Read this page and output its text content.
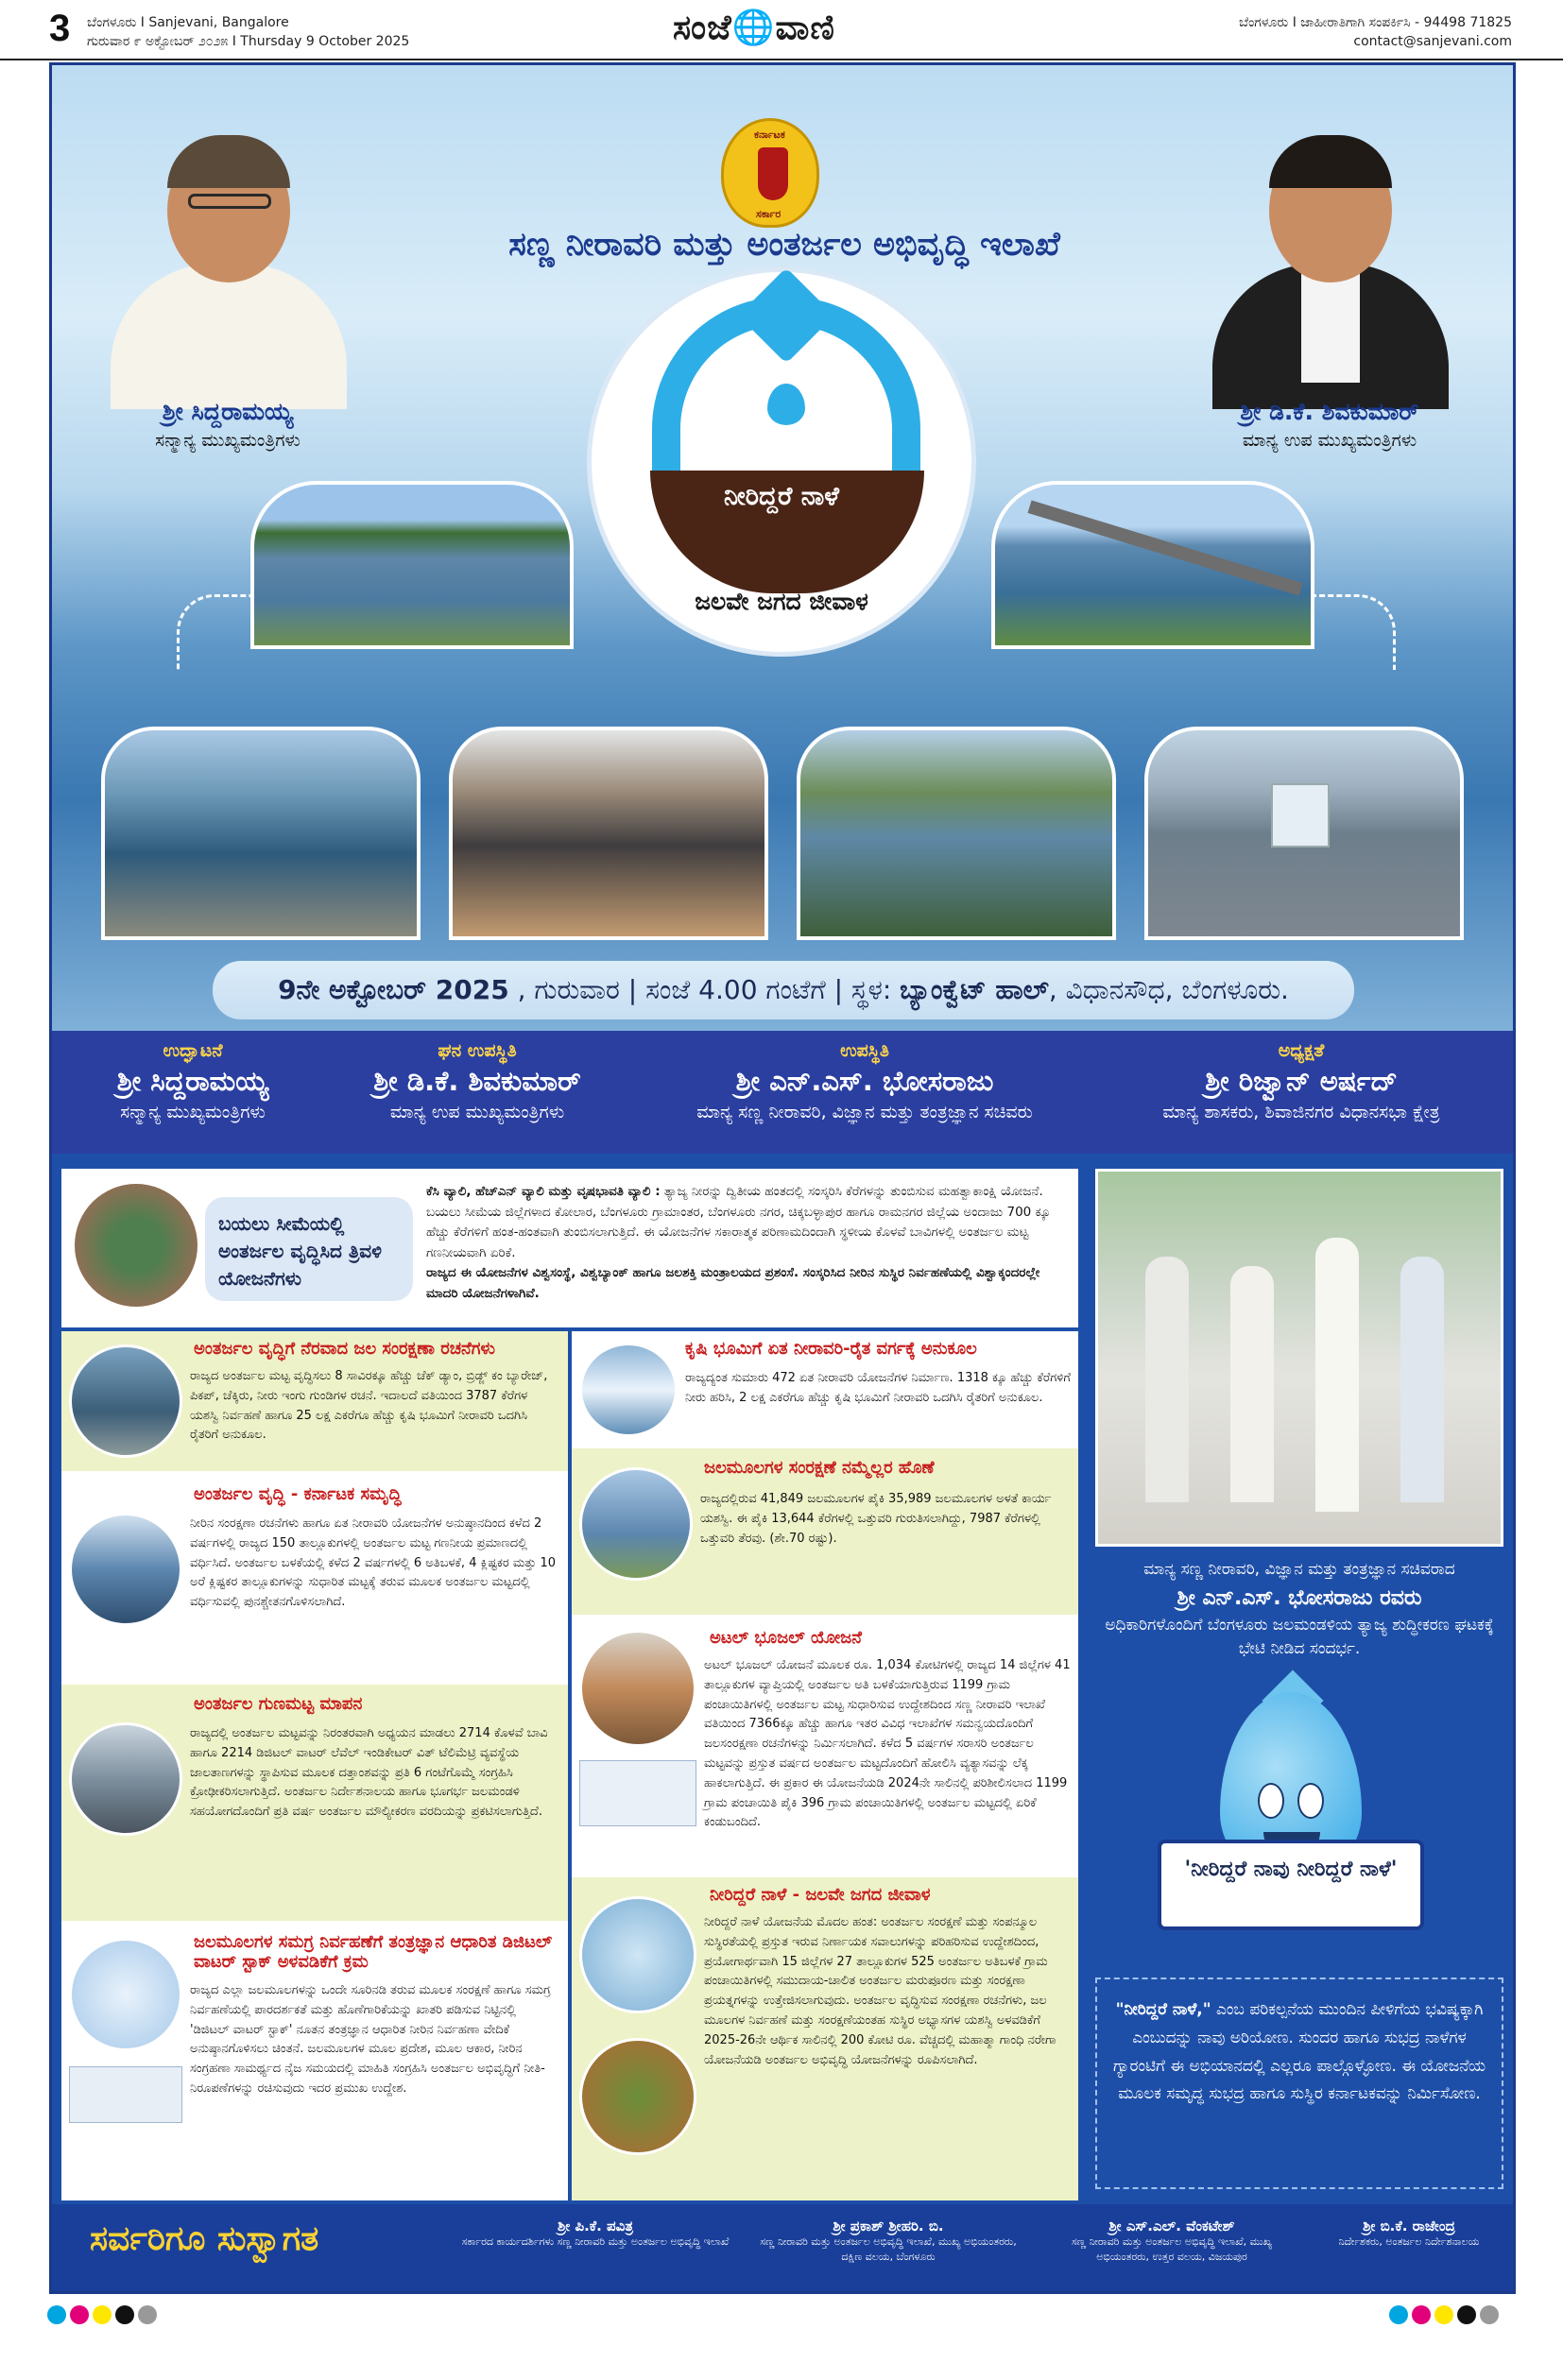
3 ಬೆಂಗಳೂರು I Sanjevani, Bangalore
ಗುರುವಾರ ೯ ಅಕ್ಟೋಬರ್ ೨೦೨೫ I Thursday 9 October 2025	ಸಂಜೆ🌐ವಾಣಿ	ಬೆಂಗಳೂರು I ಜಾಹೀರಾತಿಗಾಗಿ ಸಂಪರ್ಕಿಸಿ - 94498 71825
contact@sanjevani.com
ಕರ್ನಾಟಕ
ಸರ್ಕಾರ
ಸಣ್ಣ ನೀರಾವರಿ ಮತ್ತು ಅಂತರ್ಜಲ ಅಭಿವೃದ್ಧಿ ಇಲಾಖೆ
ಶ್ರೀ ಸಿದ್ದರಾಮಯ್ಯ
ಸನ್ಮಾನ್ಯ ಮುಖ್ಯಮಂತ್ರಿಗಳು
ಶ್ರೀ ಡಿ.ಕೆ. ಶಿವಕುಮಾರ್
ಮಾನ್ಯ ಉಪ ಮುಖ್ಯಮಂತ್ರಿಗಳು
ನೀರಿದ್ದರೆ ನಾಳೆ
ಜಲವೇ ಜಗದ ಜೀವಾಳ
9ನೇ ಅಕ್ಟೋಬರ್ 2025 , ಗುರುವಾರ | ಸಂಜೆ 4.00 ಗಂಟೆಗೆ | ಸ್ಥಳ: ಬ್ಯಾಂಕ್ವೆಟ್ ಹಾಲ್, ವಿಧಾನಸೌಧ, ಬೆಂಗಳೂರು.
ಉದ್ಘಾಟನೆ
ಶ್ರೀ ಸಿದ್ದರಾಮಯ್ಯ
ಸನ್ಮಾನ್ಯ ಮುಖ್ಯಮಂತ್ರಿಗಳು
ಘನ ಉಪಸ್ಥಿತಿ
ಶ್ರೀ ಡಿ.ಕೆ. ಶಿವಕುಮಾರ್
ಮಾನ್ಯ ಉಪ ಮುಖ್ಯಮಂತ್ರಿಗಳು
ಉಪಸ್ಥಿತಿ
ಶ್ರೀ ಎನ್.ಎಸ್. ಭೋಸರಾಜು
ಮಾನ್ಯ ಸಣ್ಣ ನೀರಾವರಿ, ವಿಜ್ಞಾನ ಮತ್ತು ತಂತ್ರಜ್ಞಾನ ಸಚಿವರು
ಅಧ್ಯಕ್ಷತೆ
ಶ್ರೀ ರಿಜ್ವಾನ್ ಅರ್ಷದ್
ಮಾನ್ಯ ಶಾಸಕರು, ಶಿವಾಜಿನಗರ ವಿಧಾನಸಭಾ ಕ್ಷೇತ್ರ
ಬಯಲು ಸೀಮೆಯಲ್ಲಿ ಅಂತರ್ಜಲ ವೃದ್ಧಿಸಿದ ತ್ರಿವಳಿ ಯೋಜನೆಗಳು
ಕೆಸಿ ವ್ಯಾಲಿ, ಹೆಚ್‌ಎನ್ ವ್ಯಾಲಿ ಮತ್ತು ವೃಷಭಾವತಿ ವ್ಯಾಲಿ : ತ್ಯಾಜ್ಯ ನೀರನ್ನು ದ್ವಿತೀಯ ಹಂತದಲ್ಲಿ ಸಂಸ್ಕರಿಸಿ ಕೆರೆಗಳನ್ನು ತುಂಬಿಸುವ ಮಹತ್ವಾಕಾಂಕ್ಷಿ ಯೋಜನೆ. ಬಯಲು ಸೀಮೆಯ ಜಿಲ್ಲೆಗಳಾದ ಕೋಲಾರ, ಬೆಂಗಳೂರು ಗ್ರಾಮಾಂತರ, ಬೆಂಗಳೂರು ನಗರ, ಚಿಕ್ಕಬಳ್ಳಾಪುರ ಹಾಗೂ ರಾಮನಗರ ಜಿಲ್ಲೆಯ ಅಂದಾಜು 700 ಕ್ಕೂ ಹೆಚ್ಚು ಕೆರೆಗಳಿಗೆ ಹಂತ-ಹಂತವಾಗಿ ತುಂಬಿಸಲಾಗುತ್ತಿದೆ. ಈ ಯೋಜನೆಗಳ ಸಕಾರಾತ್ಮಕ ಪರಿಣಾಮದಿಂದಾಗಿ ಸ್ಥಳೀಯ ಕೊಳವೆ ಬಾವಿಗಳಲ್ಲಿ ಅಂತರ್ಜಲ ಮಟ್ಟ ಗಣನೀಯವಾಗಿ ಏರಿಕೆ.
ರಾಜ್ಯದ ಈ ಯೋಜನೆಗಳ ವಿಶ್ವಸಂಸ್ಥೆ, ವಿಶ್ವಬ್ಯಾಂಕ್ ಹಾಗೂ ಜಲಶಕ್ತಿ ಮಂತ್ರಾಲಯದ ಪ್ರಶಂಸೆ. ಸಂಸ್ಕರಿಸಿದ ನೀರಿನ ಸುಸ್ಥಿರ ನಿರ್ವಹಣೆಯಲ್ಲಿ ವಿಶ್ವಾಕ್ಕಂದರಲ್ಲೇ ಮಾದರಿ ಯೋಜನೆಗಳಾಗಿವೆ.
ಅಂತರ್ಜಲ ವೃದ್ಧಿಗೆ ನೆರವಾದ ಜಲ ಸಂರಕ್ಷಣಾ ರಚನೆಗಳು

ರಾಜ್ಯದ ಅಂತರ್ಜಲ ಮಟ್ಟ ವೃದ್ಧಿಸಲು 8 ಸಾವಿರಕ್ಕೂ ಹೆಚ್ಚು ಚೆಕ್ ಡ್ಯಾಂ, ಬ್ರಿಡ್ಜ್ ಕಂ ಬ್ಯಾರೇಜ್, ಪಿಕಪ್, ಚೆಕ್ಕಿರು, ನೀರು ಇಂಗು ಗುಂಡಿಗಳ ರಚನೆ. ಇದಾಲದೆ ವತಿಯಿಂದ 3787 ಕೆರೆಗಳ ಯಶಸ್ವಿ ನಿರ್ವಹಣೆ ಹಾಗೂ 25 ಲಕ್ಷ ಎಕರೆಗೂ ಹೆಚ್ಚು ಕೃಷಿ ಭೂಮಿಗೆ ನೀರಾವರಿ ಒದಗಿಸಿ ರೈತರಿಗೆ ಅನುಕೂಲ.

ಅಂತರ್ಜಲ ವೃದ್ಧಿ - ಕರ್ನಾಟಕ ಸಮೃದ್ಧಿ

ನೀರಿನ ಸಂರಕ್ಷಣಾ ರಚನೆಗಳು ಹಾಗೂ ಏತ ನೀರಾವರಿ ಯೋಜನೆಗಳ ಅನುಷ್ಠಾನದಿಂದ ಕಳೆದ 2 ವರ್ಷಗಳಲ್ಲಿ ರಾಜ್ಯದ 150 ತಾಲ್ಲೂಕುಗಳಲ್ಲಿ ಅಂತರ್ಜಲ ಮಟ್ಟ ಗಣನೀಯ ಪ್ರಮಾಣದಲ್ಲಿ ವರ್ಧಿಸಿದೆ. ಅಂತರ್ಜಲ ಬಳಕೆಯಲ್ಲಿ ಕಳೆದ 2 ವರ್ಷಗಳಲ್ಲಿ 6 ಅತಿಬಳಕೆ, 4 ಕ್ಲಿಷ್ಟಕರ ಮತ್ತು 10 ಅರೆ ಕ್ಲಿಷ್ಟಕರ ತಾಲ್ಲೂಕುಗಳನ್ನು ಸುಧಾರಿತ ಮಟ್ಟಕ್ಕೆ ತರುವ ಮೂಲಕ ಅಂತರ್ಜಲ ಮಟ್ಟದಲ್ಲಿ ವರ್ಧಿಸುವಲ್ಲಿ ಪುನಶ್ಚೇತನಗೊಳಿಸಲಾಗಿದೆ.

ಅಂತರ್ಜಲ ಗುಣಮಟ್ಟ ಮಾಪನ

ರಾಜ್ಯದಲ್ಲಿ ಅಂತರ್ಜಲ ಮಟ್ಟವನ್ನು ನಿರಂತರವಾಗಿ ಅಧ್ಯಯನ ಮಾಡಲು 2714 ಕೊಳವೆ ಬಾವಿ ಹಾಗೂ 2214 ಡಿಜಿಟಲ್ ವಾಟರ್ ಲೆವೆಲ್ ಇಂಡಿಕೇಟರ್ ವಿತ್ ಟೆಲಿಮೆಟ್ರಿ ವ್ಯವಸ್ಥೆಯ ಜಾಲತಾಣಗಳನ್ನು ಸ್ಥಾಪಿಸುವ ಮೂಲಕ ದತ್ತಾಂಶವನ್ನು ಪ್ರತಿ 6 ಗಂಟೆಗೊಮ್ಮೆ ಸಂಗ್ರಹಿಸಿ ಕ್ರೋಢೀಕರಿಸಲಾಗುತ್ತಿದೆ. ಅಂತರ್ಜಲ ನಿರ್ದೇಶನಾಲಯ ಹಾಗೂ ಭೂಗರ್ಭ ಜಲಮಂಡಳಿ ಸಹಯೋಗದೊಂದಿಗೆ ಪ್ರತಿ ವರ್ಷ ಅಂತರ್ಜಲ ಮೌಲ್ಯೀಕರಣ ವರದಿಯನ್ನು ಪ್ರಕಟಿಸಲಾಗುತ್ತಿದೆ.

ಜಲಮೂಲಗಳ ಸಮಗ್ರ ನಿರ್ವಹಣೆಗೆ ತಂತ್ರಜ್ಞಾನ ಆಧಾರಿತ ಡಿಜಿಟಲ್ ವಾಟರ್ ಸ್ಟಾಕ್ ಅಳವಡಿಕೆಗೆ ಕ್ರಮ

ರಾಜ್ಯದ ಎಲ್ಲಾ ಜಲಮೂಲಗಳನ್ನು ಒಂದೇ ಸೂರಿನಡಿ ತರುವ ಮೂಲಕ ಸಂರಕ್ಷಣೆ ಹಾಗೂ ಸಮಗ್ರ ನಿರ್ವಹಣೆಯಲ್ಲಿ ಪಾರದರ್ಶಕತೆ ಮತ್ತು ಹೊಣೆಗಾರಿಕೆಯನ್ನು ಖಾತರಿ ಪಡಿಸುವ ನಿಟ್ಟಿನಲ್ಲಿ 'ಡಿಜಿಟಲ್ ವಾಟರ್ ಸ್ಟಾಕ್' ನೂತನ ತಂತ್ರಜ್ಞಾನ ಆಧಾರಿತ ನೀರಿನ ನಿರ್ವಹಣಾ ವೇದಿಕೆ ಅನುಷ್ಠಾನಗೊಳಿಸಲು ಚಿಂತನೆ. ಜಲಮೂಲಗಳ ಮೂಲ ಪ್ರದೇಶ, ಮೂಲ ಆಕಾರ, ನೀರಿನ ಸಂಗ್ರಹಣಾ ಸಾಮರ್ಥ್ಯದ ನೈಜ ಸಮಯದಲ್ಲಿ ಮಾಹಿತಿ ಸಂಗ್ರಹಿಸಿ ಅಂತರ್ಜಲ ಅಭಿವೃದ್ಧಿಗೆ ನೀತಿ-ನಿರೂಪಣೆಗಳನ್ನು ರಚಿಸುವುದು ಇದರ ಪ್ರಮುಖ ಉದ್ದೇಶ.

ಕೃಷಿ ಭೂಮಿಗೆ ಏತ ನೀರಾವರಿ-ರೈತ ವರ್ಗಕ್ಕೆ ಅನುಕೂಲ

ರಾಜ್ಯದ್ಯಂತ ಸುಮಾರು 472 ಏತ ನೀರಾವರಿ ಯೋಜನೆಗಳ ನಿರ್ಮಾಣ. 1318 ಕ್ಕೂ ಹೆಚ್ಚು ಕೆರೆಗಳಿಗೆ ನೀರು ಹರಿಸಿ, 2 ಲಕ್ಷ ಎಕರೆಗೂ ಹೆಚ್ಚು ಕೃಷಿ ಭೂಮಿಗೆ ನೀರಾವರಿ ಒದಗಿಸಿ ರೈತರಿಗೆ ಅನುಕೂಲ.

ಜಲಮೂಲಗಳ ಸಂರಕ್ಷಣೆ ನಮ್ಮೆಲ್ಲರ ಹೊಣೆ

ರಾಜ್ಯದಲ್ಲಿರುವ 41,849 ಜಲಮೂಲಗಳ ಪೈಕಿ 35,989 ಜಲಮೂಲಗಳ ಅಳತೆ ಕಾರ್ಯ ಯಶಸ್ವಿ. ಈ ಪೈಕಿ 13,644 ಕೆರೆಗಳಲ್ಲಿ ಒತ್ತುವರಿ ಗುರುತಿಸಲಾಗಿದ್ದು, 7987 ಕೆರೆಗಳಲ್ಲಿ ಒತ್ತುವರಿ ತೆರವು. (ಶೇ.70 ರಷ್ಟು).

ಅಟಲ್ ಭೂಜಲ್ ಯೋಜನೆ

ಅಟಲ್ ಭೂಜಲ್ ಯೋಜನೆ ಮೂಲಕ ರೂ. 1,034 ಕೋಟಿಗಳಲ್ಲಿ ರಾಜ್ಯದ 14 ಜಿಲ್ಲೆಗಳ 41 ತಾಲ್ಲೂಕುಗಳ ವ್ಯಾಪ್ತಿಯಲ್ಲಿ ಅಂತರ್ಜಲ ಅತಿ ಬಳಕೆಯಾಗುತ್ತಿರುವ 1199 ಗ್ರಾಮ ಪಂಚಾಯಿತಿಗಳಲ್ಲಿ ಅಂತರ್ಜಲ ಮಟ್ಟ ಸುಧಾರಿಸುವ ಉದ್ದೇಶದಿಂದ ಸಣ್ಣ ನೀರಾವರಿ ಇಲಾಖೆ ವತಿಯಿಂದ 7366ಕ್ಕೂ ಹೆಚ್ಚು ಹಾಗೂ ಇತರ ವಿವಿಧ ಇಲಾಖೆಗಳ ಸಮನ್ವಯದೊಂದಿಗೆ ಜಲಸಂರಕ್ಷಣಾ ರಚನೆಗಳನ್ನು ನಿರ್ಮಿಸಲಾಗಿದೆ. ಕಳೆದ 5 ವರ್ಷಗಳ ಸರಾಸರಿ ಅಂತರ್ಜಲ ಮಟ್ಟವನ್ನು ಪ್ರಸ್ತುತ ವರ್ಷದ ಅಂತರ್ಜಲ ಮಟ್ಟದೊಂದಿಗೆ ಹೋಲಿಸಿ ವ್ಯತ್ಯಾಸವನ್ನು ಲೆಕ್ಕ ಹಾಕಲಾಗುತ್ತಿದೆ. ಈ ಪ್ರಕಾರ ಈ ಯೋಜನೆಯಡಿ 2024ನೇ ಸಾಲಿನಲ್ಲಿ ಪರಿಶೀಲಿಸಲಾದ 1199 ಗ್ರಾಮ ಪಂಚಾಯಿತಿ ಪೈಕಿ 396 ಗ್ರಾಮ ಪಂಚಾಯಿತಿಗಳಲ್ಲಿ ಅಂತರ್ಜಲ ಮಟ್ಟದಲ್ಲಿ ಏರಿಕೆ ಕಂಡುಬಂದಿದೆ.

ನೀರಿದ್ದರೆ ನಾಳೆ - ಜಲವೇ ಜಗದ ಜೀವಾಳ

ನೀರಿದ್ದರೆ ನಾಳೆ ಯೋಜನೆಯ ಮೊದಲ ಹಂತ: ಅಂತರ್ಜಲ ಸಂರಕ್ಷಣೆ ಮತ್ತು ಸಂಪನ್ಮೂಲ ಸುಸ್ಥಿರತೆಯಲ್ಲಿ ಪ್ರಸ್ತುತ ಇರುವ ನಿರ್ಣಾಯಕ ಸವಾಲುಗಳನ್ನು ಪರಿಹರಿಸುವ ಉದ್ದೇಶದಿಂದ, ಪ್ರಯೋಗಾರ್ಥವಾಗಿ 15 ಜಿಲ್ಲೆಗಳ 27 ತಾಲ್ಲೂಕುಗಳ 525 ಅಂತರ್ಜಲ ಅತಿಬಳಕೆ ಗ್ರಾಮ ಪಂಚಾಯಿತಿಗಳಲ್ಲಿ ಸಮುದಾಯ-ಚಾಲಿತ ಅಂತರ್ಜಲ ಮರುಪೂರಣ ಮತ್ತು ಸಂರಕ್ಷಣಾ ಪ್ರಯತ್ನಗಳನ್ನು ಉತ್ತೇಜಿಸಲಾಗುವುದು. ಅಂತರ್ಜಲ ವೃದ್ಧಿಸುವ ಸಂರಕ್ಷಣಾ ರಚನೆಗಳು, ಜಲ ಮೂಲಗಳ ನಿರ್ವಹಣೆ ಮತ್ತು ಸಂರಕ್ಷಣೆಯಂತಹ ಸುಸ್ಥಿರ ಅಭ್ಯಾಸಗಳ ಯಶಸ್ವಿ ಅಳವಡಿಕೆಗೆ 2025-26ನೇ ಆರ್ಥಿಕ ಸಾಲಿನಲ್ಲಿ 200 ಕೋಟಿ ರೂ. ವೆಚ್ಚದಲ್ಲಿ ಮಹಾತ್ಮಾ ಗಾಂಧಿ ನರೇಗಾ ಯೋಜನೆಯಡಿ ಅಂತರ್ಜಲ ಅಭಿವೃದ್ಧಿ ಯೋಜನೆಗಳನ್ನು ರೂಪಿಸಲಾಗಿದೆ.

ಮಾನ್ಯ ಸಣ್ಣ ನೀರಾವರಿ, ವಿಜ್ಞಾನ ಮತ್ತು ತಂತ್ರಜ್ಞಾನ ಸಚಿವರಾದ
ಶ್ರೀ ಎನ್.ಎಸ್. ಭೋಸರಾಜು ರವರು
ಅಧಿಕಾರಿಗಳೊಂದಿಗೆ ಬೆಂಗಳೂರು ಜಲಮಂಡಳಿಯ ತ್ಯಾಜ್ಯ ಶುದ್ಧೀಕರಣ ಘಟಕಕ್ಕೆ ಭೇಟಿ ನೀಡಿದ ಸಂದರ್ಭ.
'ನೀರಿದ್ದರೆ ನಾವು ನೀರಿದ್ದರೆ ನಾಳೆ'
"ನೀರಿದ್ದರೆ ನಾಳೆ," ಎಂಬ ಪರಿಕಲ್ಪನೆಯ ಮುಂದಿನ ಪೀಳಿಗೆಯ ಭವಿಷ್ಯಕ್ಕಾಗಿ ಎಂಬುದನ್ನು ನಾವು ಅರಿಯೋಣ. ಸುಂದರ ಹಾಗೂ ಸುಭದ್ರ ನಾಳೆಗಳ ಗ್ಯಾರಂಟಿಗೆ ಈ ಅಭಿಯಾನದಲ್ಲಿ ಎಲ್ಲರೂ ಪಾಲ್ಗೊಳ್ಳೋಣ. ಈ ಯೋಜನೆಯ ಮೂಲಕ ಸಮೃದ್ಧ ಸುಭದ್ರ ಹಾಗೂ ಸುಸ್ಥಿರ ಕರ್ನಾಟಕವನ್ನು ನಿರ್ಮಿಸೋಣ.
ಸರ್ವರಿಗೂ ಸುಸ್ವಾಗತ	ಶ್ರೀ ಪಿ.ಕೆ. ಪವಿತ್ರ
ಸರ್ಕಾರದ ಕಾರ್ಯದರ್ಶಿಗಳು ಸಣ್ಣ ನೀರಾವರಿ ಮತ್ತು ಅಂತರ್ಜಲ ಅಭಿವೃದ್ಧಿ ಇಲಾಖೆ
ಶ್ರೀ ಪ್ರಕಾಶ್ ಶ್ರೀಹರಿ. ಬಿ.
ಸಣ್ಣ ನೀರಾವರಿ ಮತ್ತು ಅಂತರ್ಜಲ ಅಭಿವೃದ್ಧಿ ಇಲಾಖೆ, ಮುಖ್ಯ ಅಭಿಯಂತರರು, ದಕ್ಷಿಣ ವಲಯ, ಬೆಂಗಳೂರು
ಶ್ರೀ ಎಸ್.ಎಲ್. ವೆಂಕಟೇಶ್
ಸಣ್ಣ ನೀರಾವರಿ ಮತ್ತು ಅಂತರ್ಜಲ ಅಭಿವೃದ್ಧಿ ಇಲಾಖೆ, ಮುಖ್ಯ ಅಭಿಯಂತರರು, ಉತ್ತರ ವಲಯ, ವಿಜಯಪುರ
ಶ್ರೀ ಬಿ.ಕೆ. ರಾಜೇಂದ್ರ
ನಿರ್ದೇಶಕರು, ಅಂತರ್ಜಲ ನಿರ್ದೇಶನಾಲಯ
